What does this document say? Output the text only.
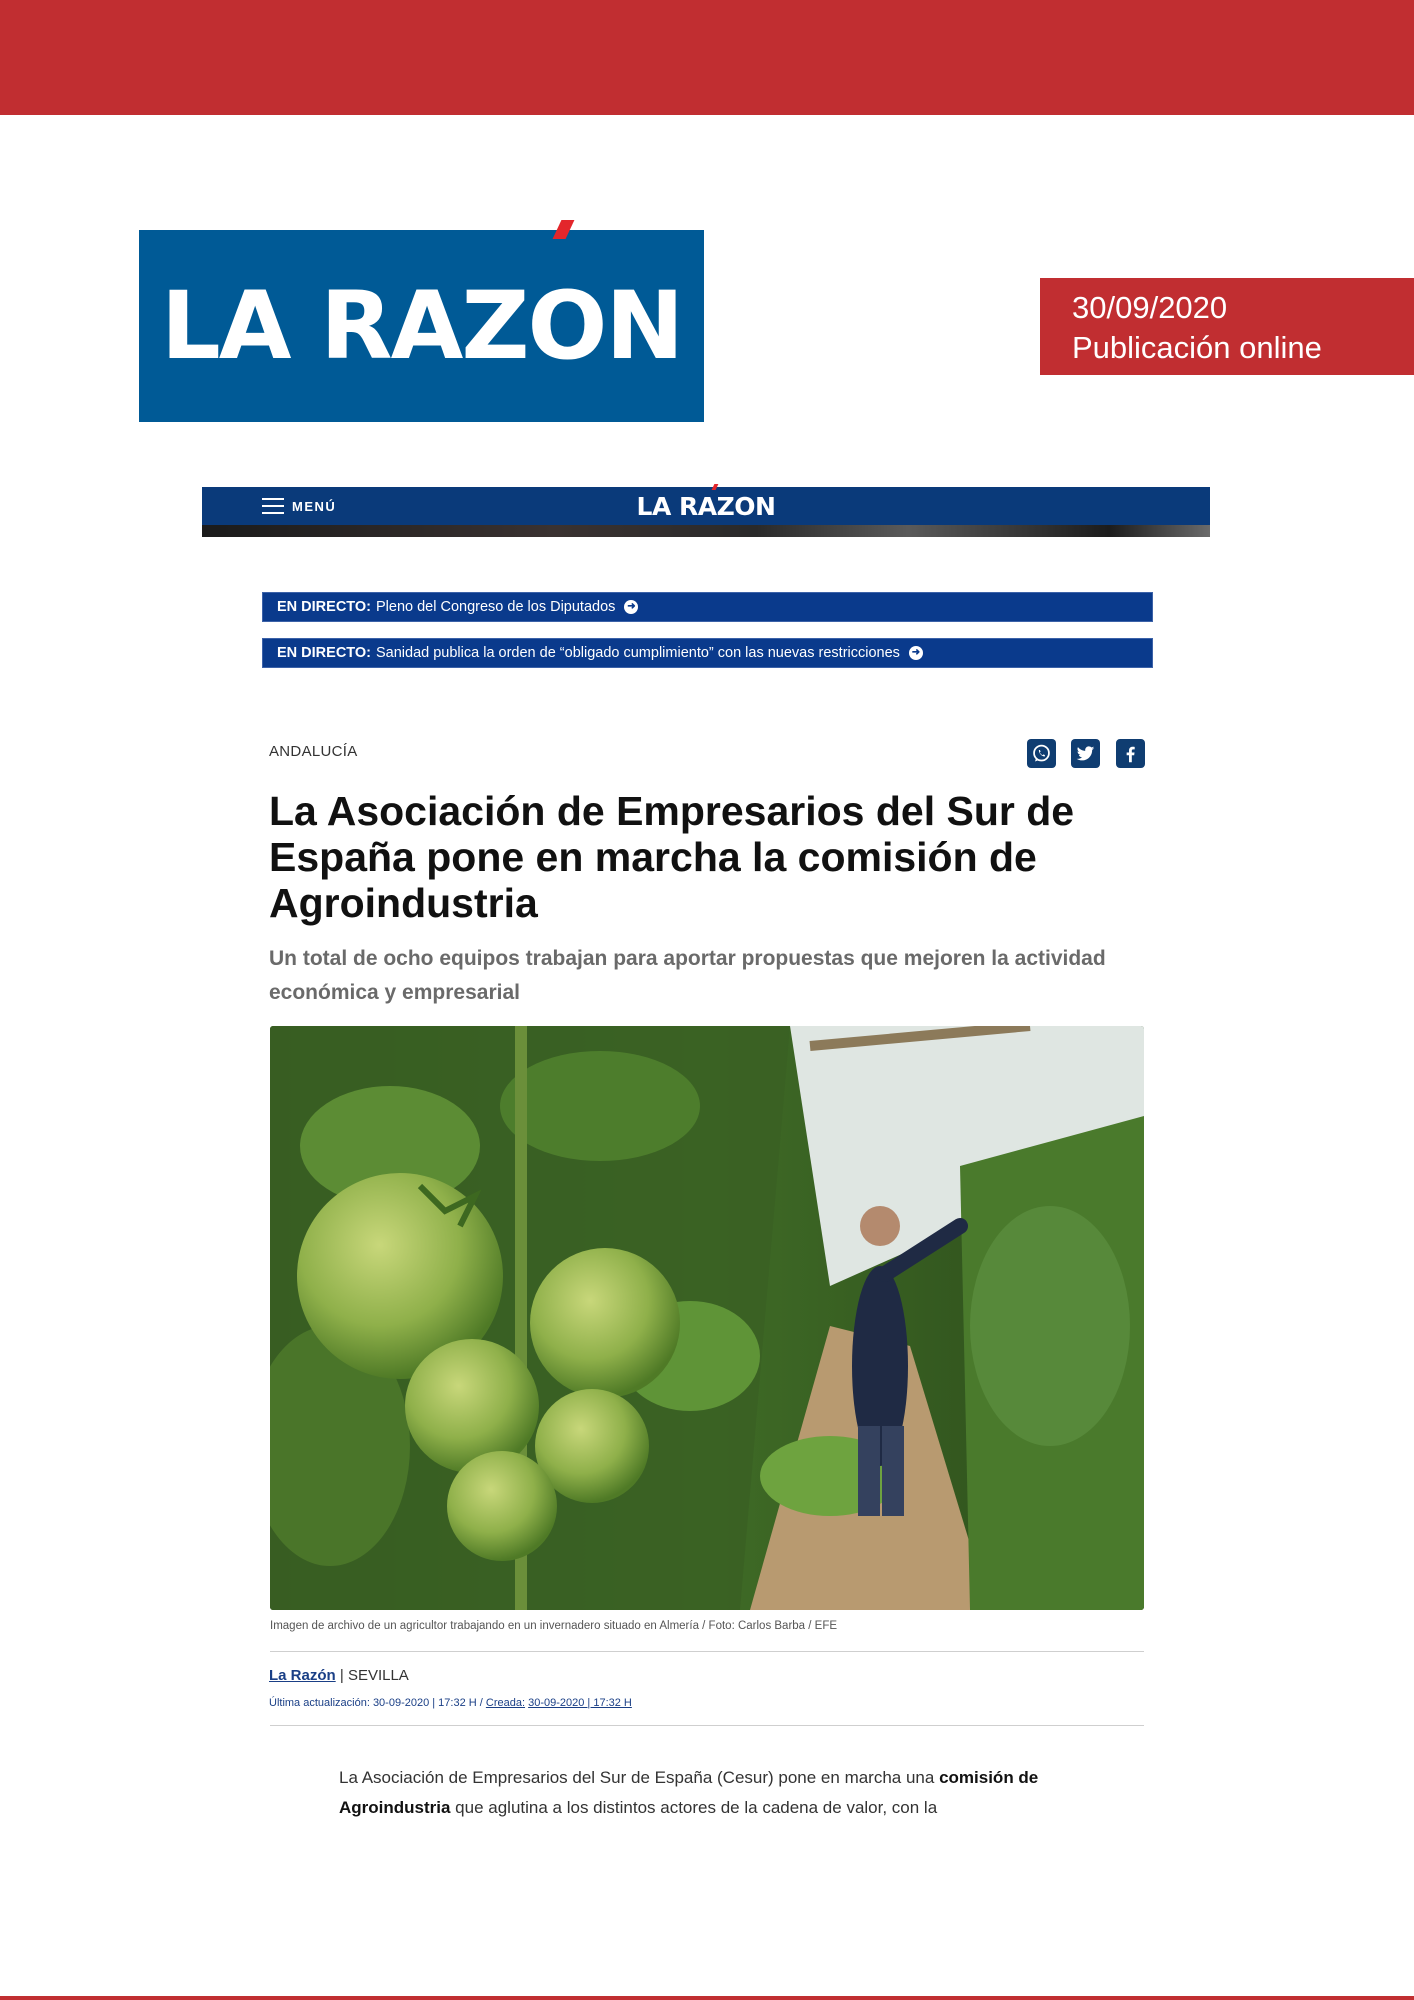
LA RAZON	30/09/2020
Publicación online
MENÚ	LA RAZON
EN DIRECTO: Pleno del Congreso de los Diputados ➜
EN DIRECTO: Sanidad publica la orden de “obligado cumplimiento” con las nuevas restricciones ➜
ANDALUCÍA
La Asociación de Empresarios del Sur de España pone en marcha la comisión de Agroindustria
Un total de ocho equipos trabajan para aportar propuestas que mejoren la actividad económica y empresarial
Imagen de archivo de un agricultor trabajando en un invernadero situado en Almería / Foto: Carlos Barba / EFE
La Razón | SEVILLA
Última actualización: 30-09-2020 | 17:32 H / Creada: 30-09-2020 | 17:32 H

La Asociación de Empresarios del Sur de España (Cesur) pone en marcha una comisión de Agroindustria que aglutina a los distintos actores de la cadena de valor, con la
